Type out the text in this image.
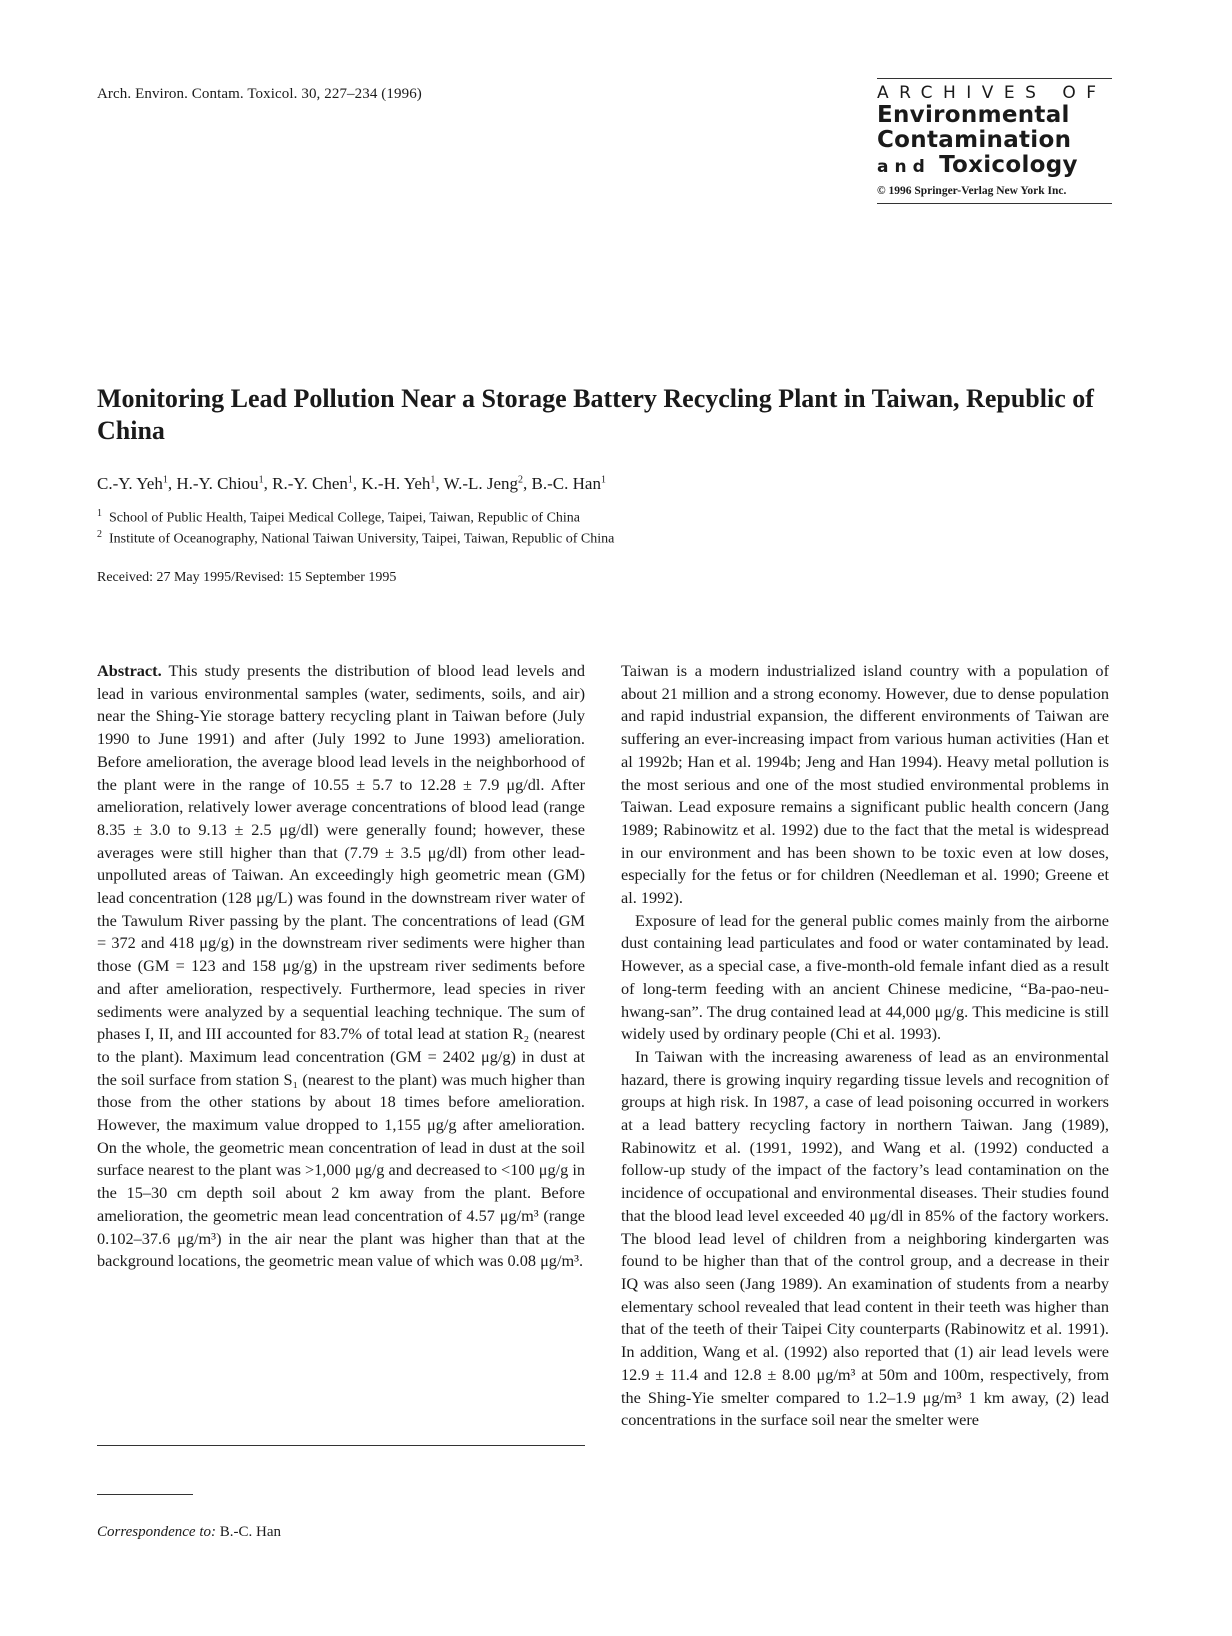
Arch. Environ. Contam. Toxicol. 30, 227–234 (1996)	ARCHIVES OF
Environmental
Contamination
and Toxicology
© 1996 Springer-Verlag New York Inc.
Monitoring Lead Pollution Near a Storage Battery Recycling Plant in Taiwan, Republic of China
C.-Y. Yeh$^1$, H.-Y. Chiou$^1$, R.-Y. Chen$^1$, K.-H. Yeh$^1$, W.-L. Jeng$^2$, B.-C. Han$^1$
$^1$ School of Public Health, Taipei Medical College, Taipei, Taiwan, Republic of China
$^2$ Institute of Oceanography, National Taiwan University, Taipei, Taiwan, Republic of China
Received: 27 May 1995/Revised: 15 September 1995

Abstract. This study presents the distribution of blood lead levels and lead in various environmental samples (water, sediments, soils, and air) near the Shing-Yie storage battery recycling plant in Taiwan before (July 1990 to June 1991) and after (July 1992 to June 1993) amelioration. Before amelioration, the average blood lead levels in the neighborhood of the plant were in the range of 10.55 ± 5.7 to 12.28 ± 7.9 μg/dl. After amelioration, relatively lower average concentrations of blood lead (range 8.35 ± 3.0 to 9.13 ± 2.5 μg/dl) were generally found; however, these averages were still higher than that (7.79 ± 3.5 μg/dl) from other lead-unpolluted areas of Taiwan. An exceedingly high geometric mean (GM) lead concentration (128 μg/L) was found in the downstream river water of the Tawulum River passing by the plant. The concentrations of lead (GM = 372 and 418 μg/g) in the downstream river sediments were higher than those (GM = 123 and 158 μg/g) in the upstream river sediments before and after amelioration, respectively. Furthermore, lead species in river sediments were analyzed by a sequential leaching technique. The sum of phases I, II, and III accounted for 83.7% of total lead at station R₂ (nearest to the plant). Maximum lead concentration (GM = 2402 μg/g) in dust at the soil surface from station S₁ (nearest to the plant) was much higher than those from the other stations by about 18 times before amelioration. However, the maximum value dropped to 1,155 μg/g after amelioration. On the whole, the geometric mean concentration of lead in dust at the soil surface nearest to the plant was >1,000 μg/g and decreased to <100 μg/g in the 15–30 cm depth soil about 2 km away from the plant. Before amelioration, the geometric mean lead concentration of 4.57 μg/m³ (range 0.102–37.6 μg/m³) in the air near the plant was higher than that at the background locations, the geometric mean value of which was 0.08 μg/m³.

Correspondence to: B.-C. Han

Taiwan is a modern industrialized island country with a population of about 21 million and a strong economy. However, due to dense population and rapid industrial expansion, the different environments of Taiwan are suffering an ever-increasing impact from various human activities (Han et al 1992b; Han et al. 1994b; Jeng and Han 1994). Heavy metal pollution is the most serious and one of the most studied environmental problems in Taiwan. Lead exposure remains a significant public health concern (Jang 1989; Rabinowitz et al. 1992) due to the fact that the metal is widespread in our environment and has been shown to be toxic even at low doses, especially for the fetus or for children (Needleman et al. 1990; Greene et al. 1992).

Exposure of lead for the general public comes mainly from the airborne dust containing lead particulates and food or water contaminated by lead. However, as a special case, a five-month-old female infant died as a result of long-term feeding with an ancient Chinese medicine, “Ba-pao-neu-hwang-san”. The drug contained lead at 44,000 μg/g. This medicine is still widely used by ordinary people (Chi et al. 1993).

In Taiwan with the increasing awareness of lead as an environmental hazard, there is growing inquiry regarding tissue levels and recognition of groups at high risk. In 1987, a case of lead poisoning occurred in workers at a lead battery recycling factory in northern Taiwan. Jang (1989), Rabinowitz et al. (1991, 1992), and Wang et al. (1992) conducted a follow-up study of the impact of the factory’s lead contamination on the incidence of occupational and environmental diseases. Their studies found that the blood lead level exceeded 40 μg/dl in 85% of the factory workers. The blood lead level of children from a neighboring kindergarten was found to be higher than that of the control group, and a decrease in their IQ was also seen (Jang 1989). An examination of students from a nearby elementary school revealed that lead content in their teeth was higher than that of the teeth of their Taipei City counterparts (Rabinowitz et al. 1991). In addition, Wang et al. (1992) also reported that (1) air lead levels were 12.9 ± 11.4 and 12.8 ± 8.00 μg/m³ at 50m and 100m, respectively, from the Shing-Yie smelter compared to 1.2–1.9 μg/m³ 1 km away, (2) lead concentrations in the surface soil near the smelter were
